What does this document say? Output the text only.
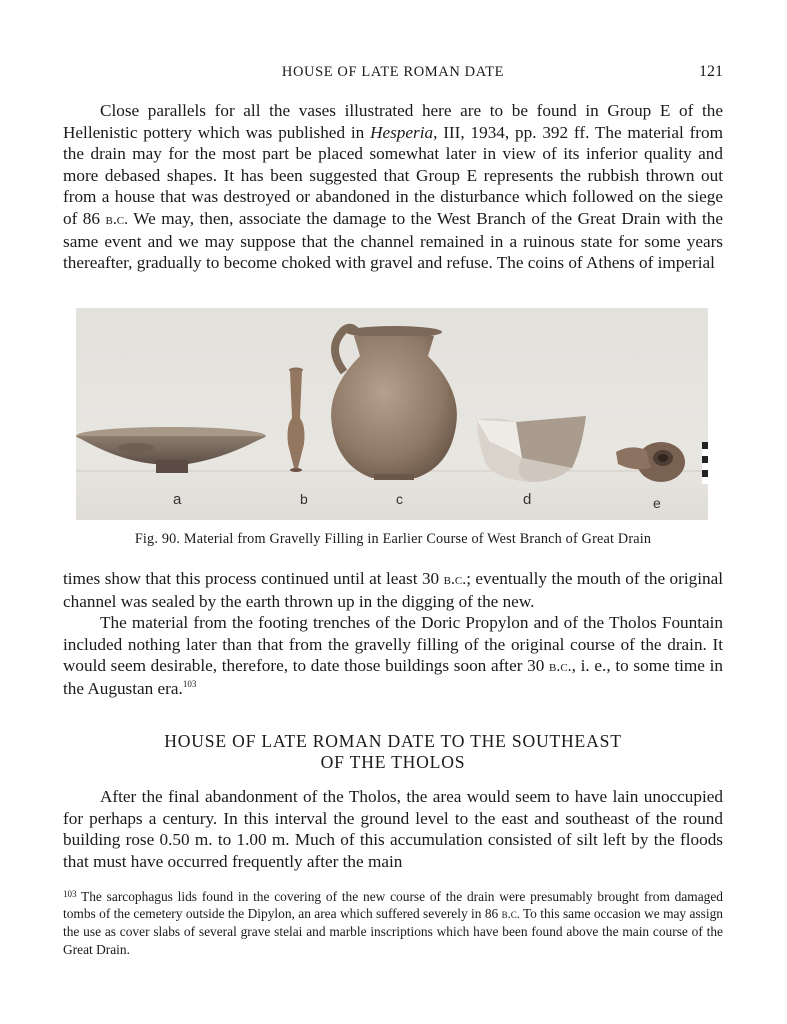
HOUSE OF LATE ROMAN DATE	121

Close parallels for all the vases illustrated here are to be found in Group E of the Hellenistic pottery which was published in Hesperia, III, 1934, pp. 392 ff. The material from the drain may for the most part be placed somewhat later in view of its inferior quality and more debased shapes. It has been suggested that Group E represents the rubbish thrown out from a house that was destroyed or abandoned in the disturbance which followed on the siege of 86 b.c. We may, then, associate the damage to the West Branch of the Great Drain with the same event and we may suppose that the channel remained in a ruinous state for some years thereafter, gradually to become choked with gravel and refuse. The coins of Athens of imperial

a	b	c	d	e
Fig. 90. Material from Gravelly Filling in Earlier Course of West Branch of Great Drain

times show that this process continued until at least 30 b.c.; eventually the mouth of the original channel was sealed by the earth thrown up in the digging of the new.

The material from the footing trenches of the Doric Propylon and of the Tholos Fountain included nothing later than that from the gravelly filling of the original course of the drain. It would seem desirable, therefore, to date those buildings soon after 30 b.c., i. e., to some time in the Augustan era.$^{103}$

HOUSE OF LATE ROMAN DATE TO THE SOUTHEAST
OF THE THOLOS

After the final abandonment of the Tholos, the area would seem to have lain unoccupied for perhaps a century. In this interval the ground level to the east and southeast of the round building rose 0.50 m. to 1.00 m. Much of this accumulation consisted of silt left by the floods that must have occurred frequently after the main

$^{103}$ The sarcophagus lids found in the covering of the new course of the drain were presumably brought from damaged tombs of the cemetery outside the Dipylon, an area which suffered severely in 86 b.c. To this same occasion we may assign the use as cover slabs of several grave stelai and marble inscriptions which have been found above the main course of the Great Drain.
